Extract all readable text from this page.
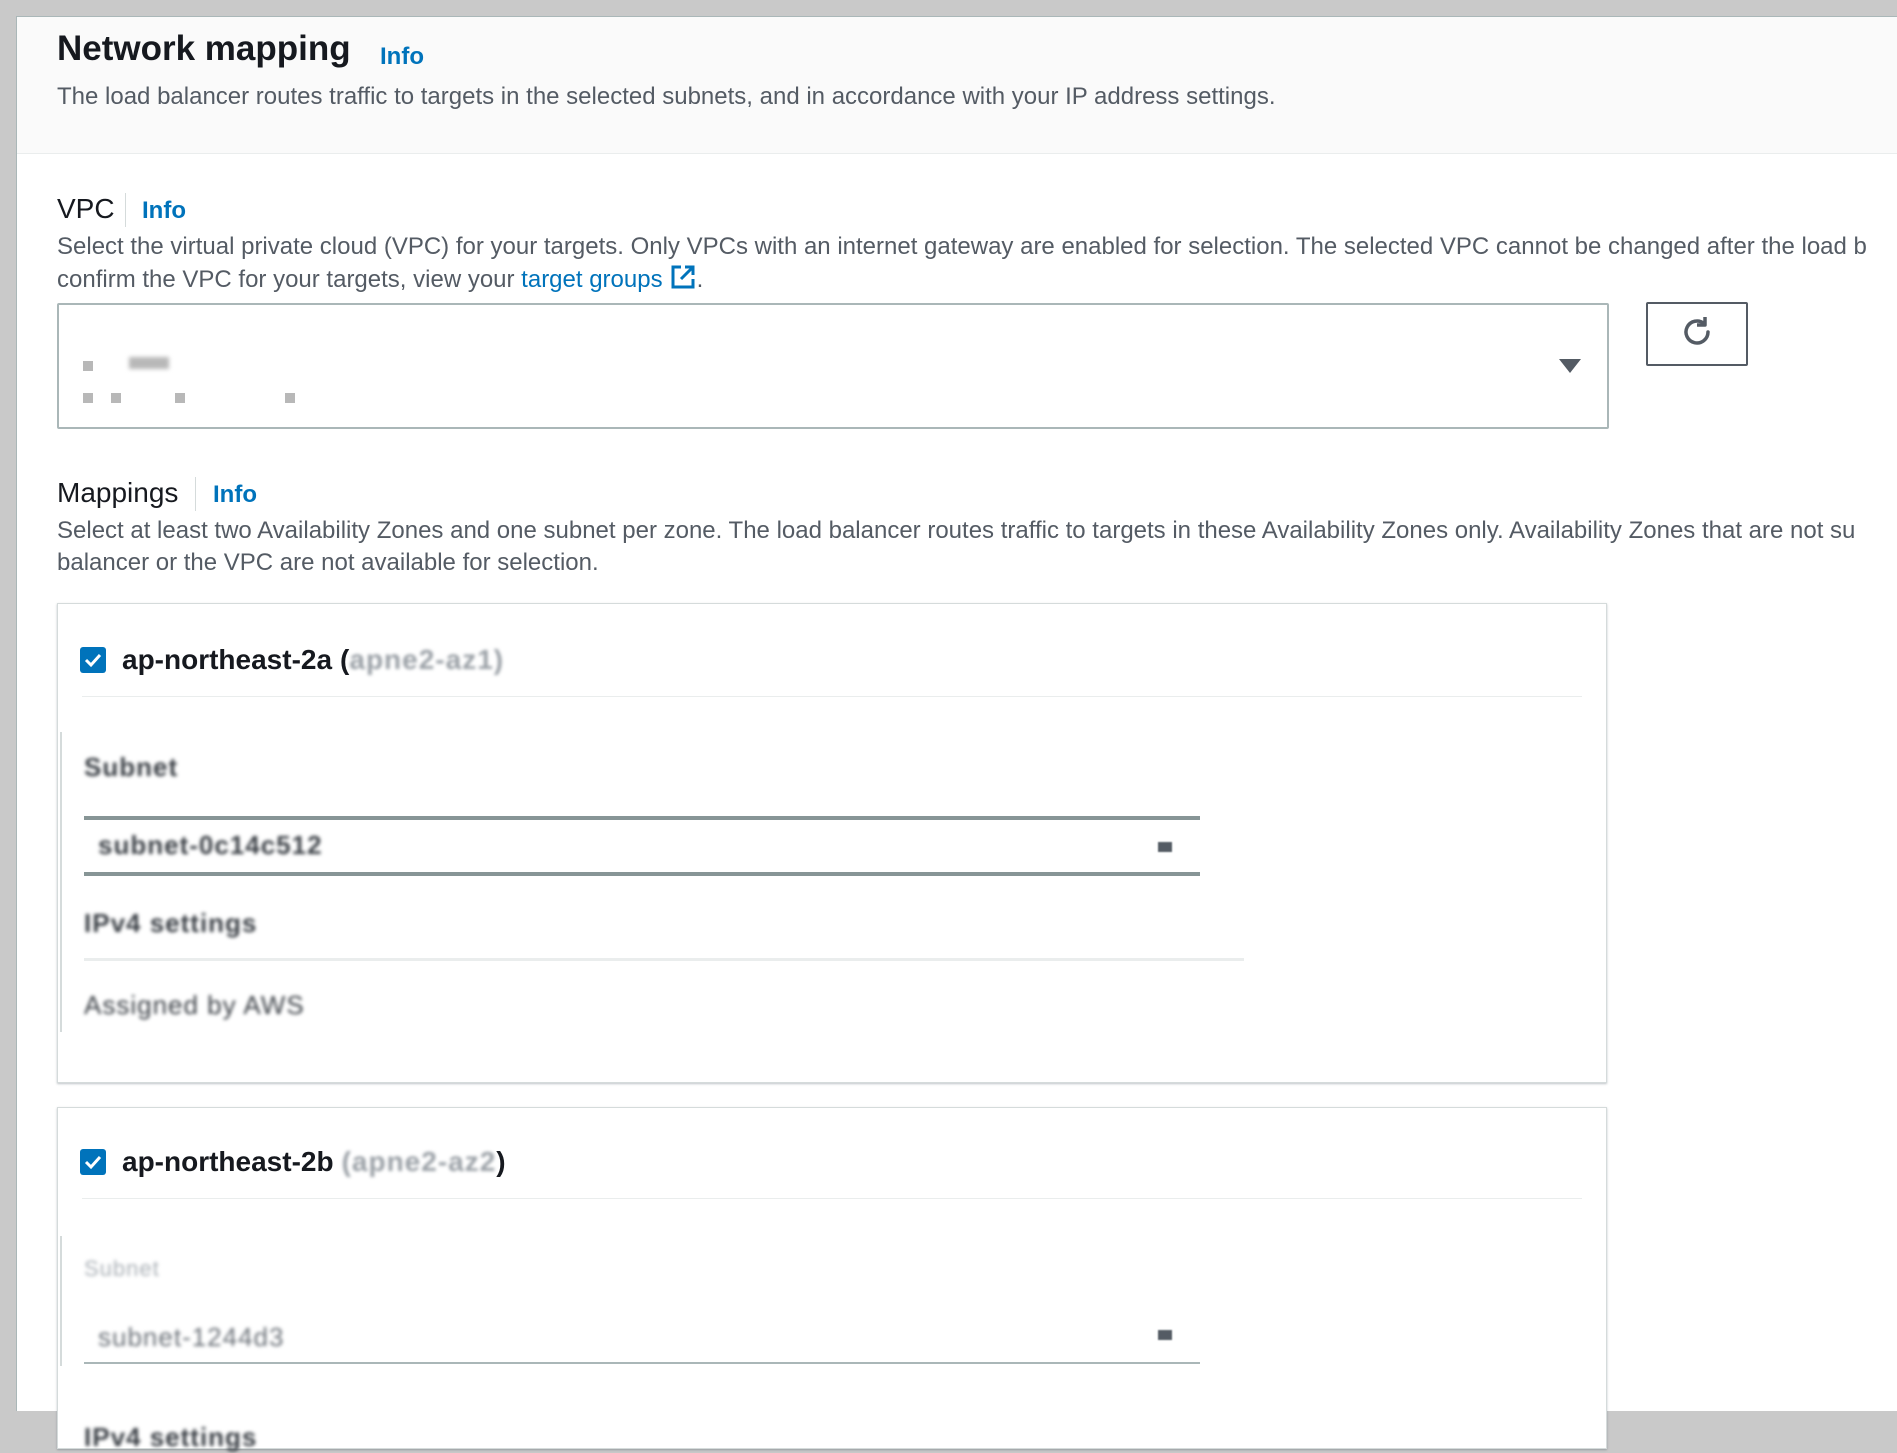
Network mapping Info
The load balancer routes traffic to targets in the selected subnets, and in accordance with your IP address settings.
VPC Info
Select the virtual private cloud (VPC) for your targets. Only VPCs with an internet gateway are enabled for selection. The selected VPC cannot be changed after the load b
confirm the VPC for your targets, view your target groups .
Mappings Info
Select at least two Availability Zones and one subnet per zone. The load balancer routes traffic to targets in these Availability Zones only. Availability Zones that are not su
balancer or the VPC are not available for selection.
ap-northeast-2a ( apne2-az1)
Subnet
subnet-0c14c512
IPv4 settings
Assigned by AWS
ap-northeast-2b (apne2-az2 )
Subnet
subnet-1244d3
IPv4 settings
